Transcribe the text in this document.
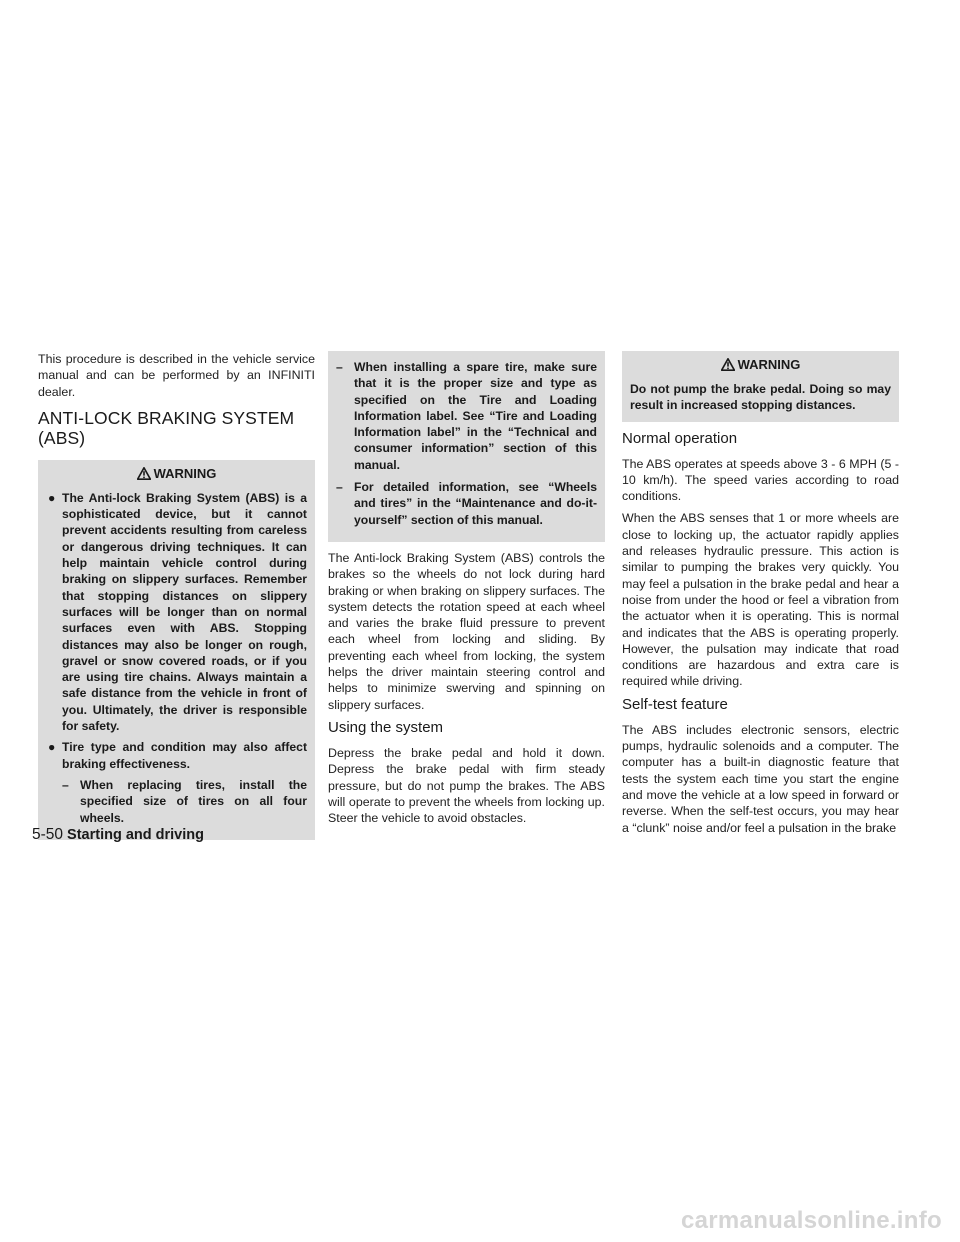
This procedure is described in the vehicle service manual and can be performed by an INFINITI dealer.

ANTI-LOCK BRAKING SYSTEM
(ABS)
WARNING
● The Anti-lock Braking System (ABS) is a sophisticated device, but it cannot prevent accidents resulting from careless or dangerous driving techniques. It can help maintain vehicle control during braking on slippery surfaces. Remember that stopping distances on slippery surfaces will be longer than on normal surfaces even with ABS. Stopping distances may also be longer on rough, gravel or snow covered roads, or if you are using tire chains. Always maintain a safe distance from the vehicle in front of you. Ultimately, the driver is responsible for safety.
● Tire type and condition may also affect braking effectiveness.
– When replacing tires, install the specified size of tires on all four wheels.
– When installing a spare tire, make sure that it is the proper size and type as specified on the Tire and Loading Information label. See “Tire and Loading Information label” in the “Technical and consumer information” section of this manual.
– For detailed information, see “Wheels and tires” in the “Maintenance and do-it-yourself” section of this manual.

The Anti-lock Braking System (ABS) controls the brakes so the wheels do not lock during hard braking or when braking on slippery surfaces. The system detects the rotation speed at each wheel and varies the brake fluid pressure to prevent each wheel from locking and sliding. By preventing each wheel from locking, the system helps the driver maintain steering control and helps to minimize swerving and spinning on slippery surfaces.

Using the system

Depress the brake pedal and hold it down. Depress the brake pedal with firm steady pressure, but do not pump the brakes. The ABS will operate to prevent the wheels from locking up. Steer the vehicle to avoid obstacles.

WARNING
Do not pump the brake pedal. Doing so may result in increased stopping distances.
Normal operation

The ABS operates at speeds above 3 - 6 MPH (5 - 10 km/h). The speed varies according to road conditions.

When the ABS senses that 1 or more wheels are close to locking up, the actuator rapidly applies and releases hydraulic pressure. This action is similar to pumping the brakes very quickly. You may feel a pulsation in the brake pedal and hear a noise from under the hood or feel a vibration from the actuator when it is operating. This is normal and indicates that the ABS is operating properly. However, the pulsation may indicate that road conditions are hazardous and extra care is required while driving.

Self-test feature

The ABS includes electronic sensors, electric pumps, hydraulic solenoids and a computer. The computer has a built-in diagnostic feature that tests the system each time you start the engine and move the vehicle at a low speed in forward or reverse. When the self-test occurs, you may hear a “clunk” noise and/or feel a pulsation in the brake

5-50 Starting and driving
carmanualsonline.info
